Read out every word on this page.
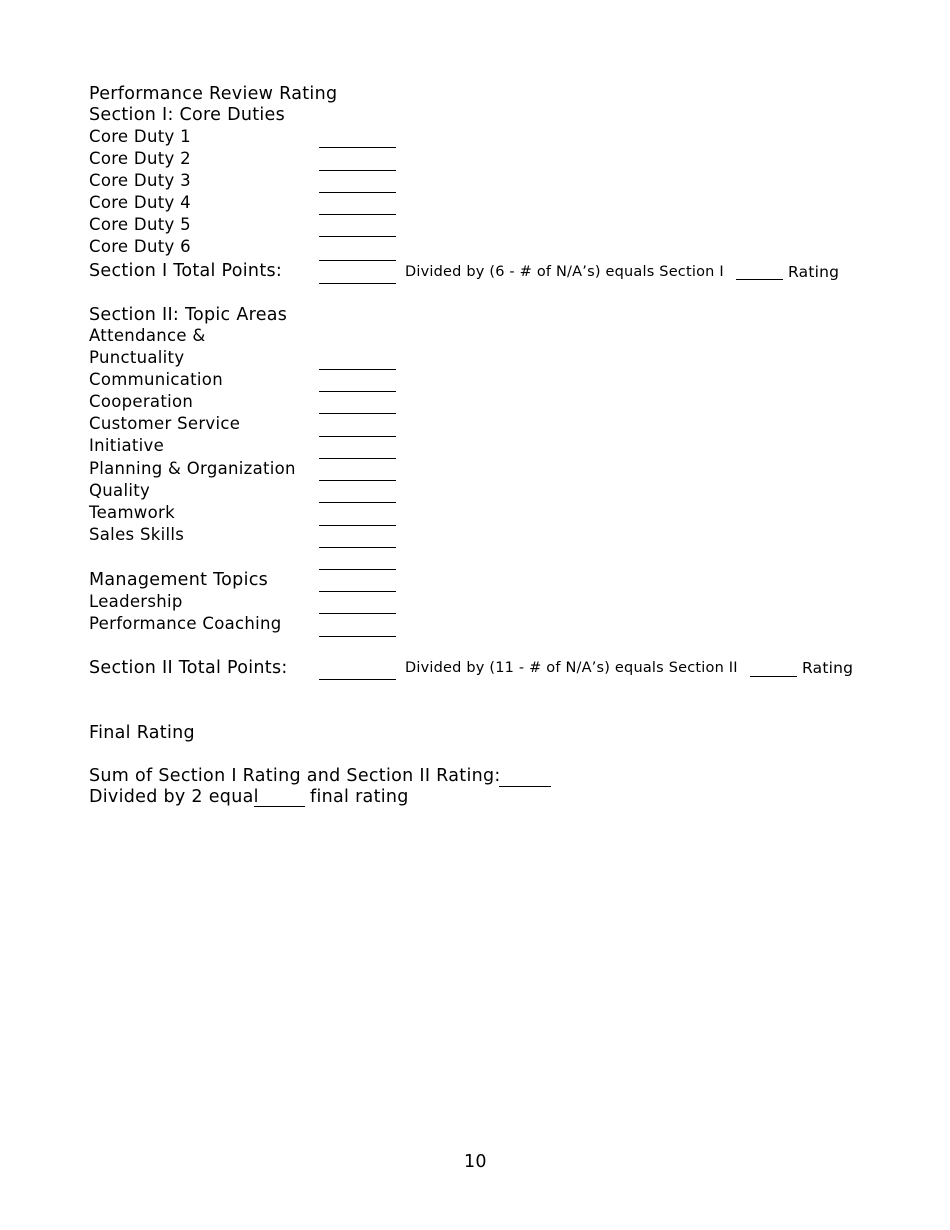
Performance Review Rating
Section I: Core Duties
Core Duty 1
Core Duty 2
Core Duty 3
Core Duty 4
Core Duty 5
Core Duty 6
Section I Total Points:	Divided by (6 - # of N/A’s) equals Section I	Rating
Section II: Topic Areas
Attendance &
Punctuality
Communication
Cooperation
Customer Service
Initiative
Planning & Organization
Quality
Teamwork
Sales Skills
Management Topics
Leadership
Performance Coaching
Section II Total Points:	Divided by (11 - # of N/A’s) equals Section II	Rating
Final Rating
Sum of Section I Rating and Section II Rating:
Divided by 2 equal	final rating
10
